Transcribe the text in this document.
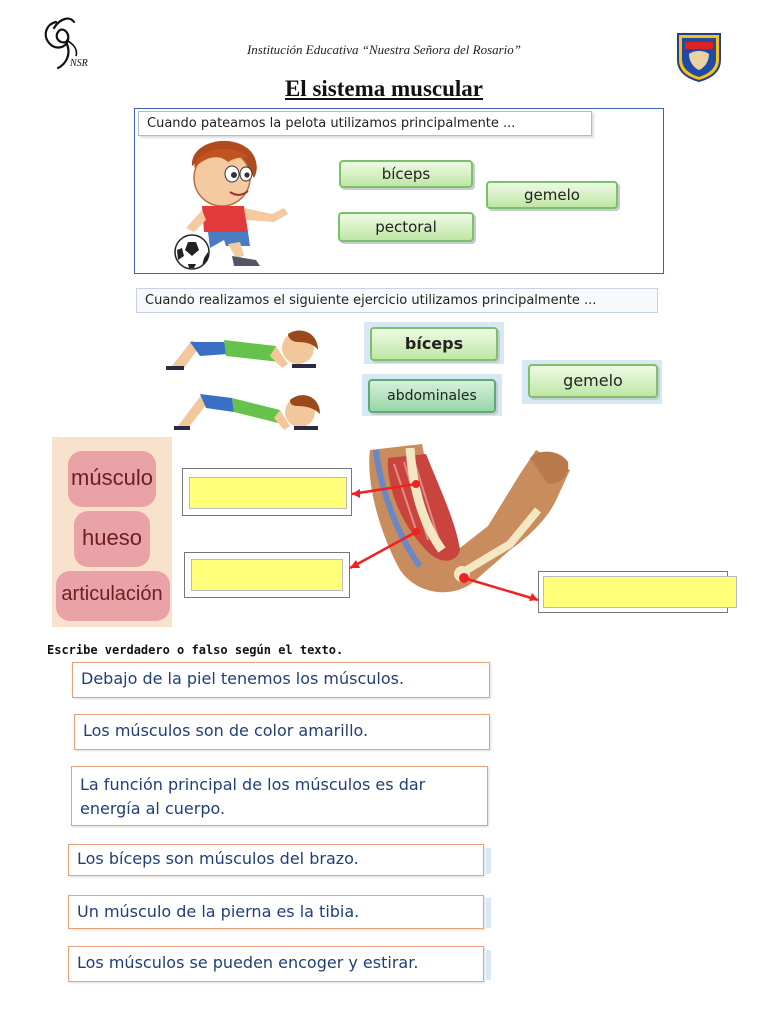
NSR
Institución Educativa “Nuestra Señora del Rosario”
El sistema muscular
Cuando pateamos la pelota utilizamos principalmente ...
bíceps
gemelo
pectoral
Cuando realizamos el siguiente ejercicio utilizamos principalmente ...
bíceps
abdominales
gemelo
músculo
hueso
articulación
Escribe verdadero o falso según el texto.
Debajo de la piel tenemos los músculos.
Los músculos son de color amarillo.
La función principal de los músculos es dar energía al cuerpo.
Los bíceps son músculos del brazo.
Un músculo de la pierna es la tibia.
Los músculos se pueden encoger y estirar.
